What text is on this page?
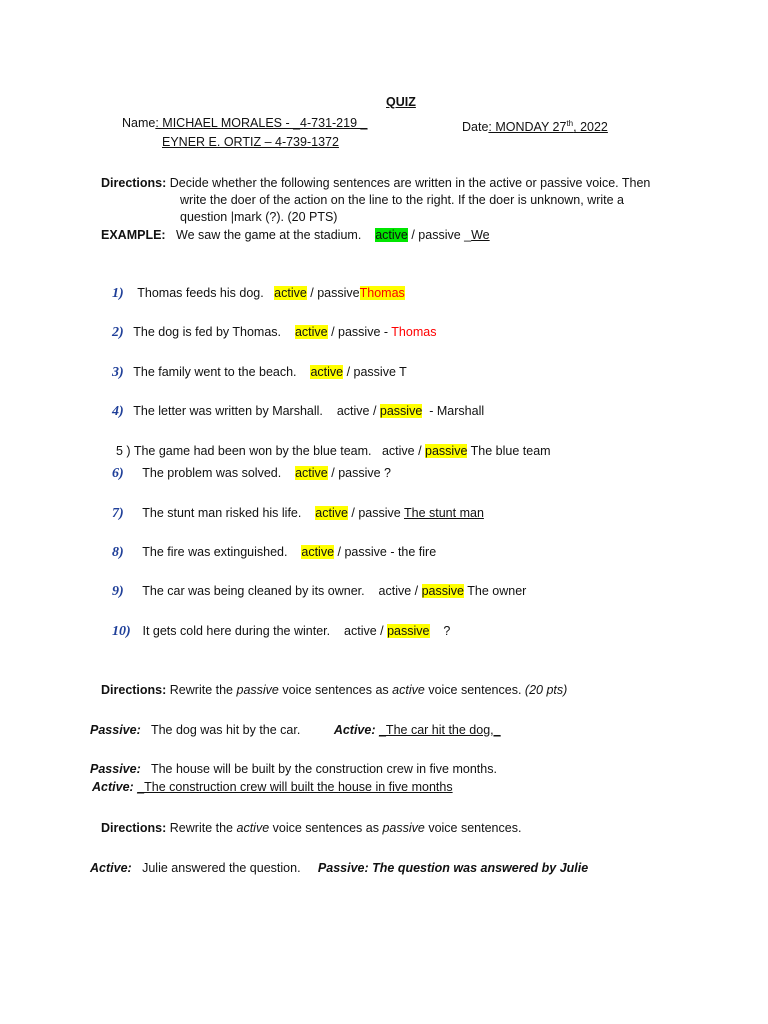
QUIZ
Name: MICHAEL MORALES - _4-731-219 _	Date: MONDAY 27th, 2022
EYNER E. ORTIZ – 4-739-1372
Directions: Decide whether the following sentences are written in the active or passive voice. Then
write the doer of the action on the line to the right. If the doer is unknown, write a
question |mark (?). (20 PTS)
EXAMPLE: We saw the game at the stadium. active / passive _We
1) Thomas feeds his dog. active / passiveThomas
2) The dog is fed by Thomas. active / passive - Thomas
3) The family went to the beach. active / passive T
4) The letter was written by Marshall. active / passive - Marshall
5 ) The game had been won by the blue team. active / passive The blue team
6) The problem was solved. active / passive ?
7) The stunt man risked his life. active / passive The stunt man
8) The fire was extinguished. active / passive - the fire
9) The car was being cleaned by its owner. active / passive The owner
10) It gets cold here during the winter. active / passive ?
Directions: Rewrite the passive voice sentences as active voice sentences. (20 pts)
Passive: The dog was hit by the car.	Active: _The car hit the dog,_
Passive: The house will be built by the construction crew in five months.
Active: _The construction crew will built the house in five months
Directions: Rewrite the active voice sentences as passive voice sentences.
Active: Julie answered the question. Passive: The question was answered by Julie
